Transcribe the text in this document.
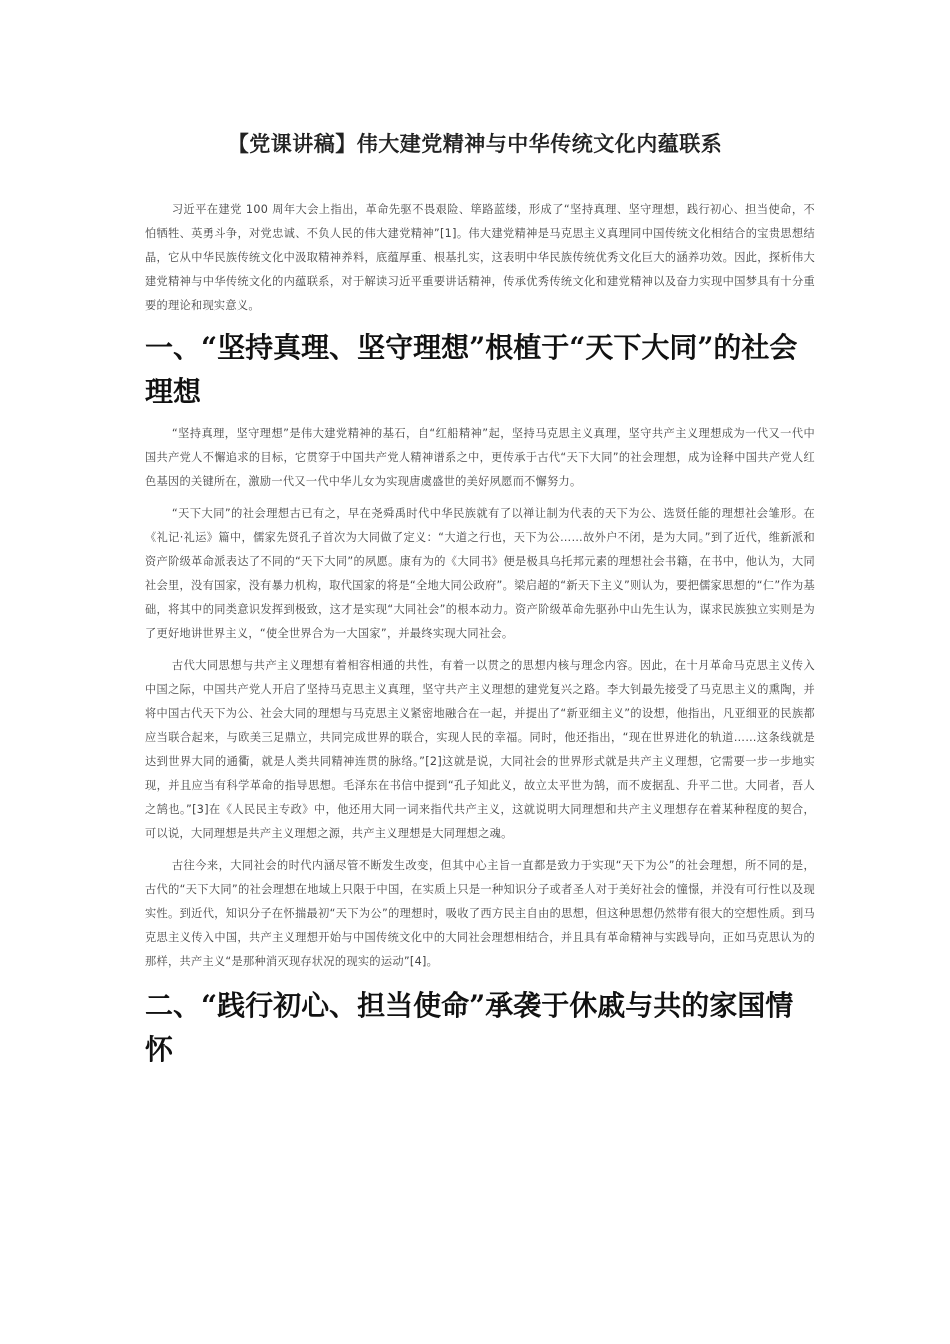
【党课讲稿】伟大建党精神与中华传统文化内蕴联系

习近平在建党 100 周年大会上指出，革命先驱不畏艰险、筚路蓝缕，形成了“坚持真理、坚守理想，践行初心、担当使命，不怕牺牲、英勇斗争，对党忠诚、不负人民的伟大建党精神”[1]。伟大建党精神是马克思主义真理同中国传统文化相结合的宝贵思想结晶，它从中华民族传统文化中汲取精神养料，底蕴厚重、根基扎实，这表明中华民族传统优秀文化巨大的涵养功效。因此，探析伟大建党精神与中华传统文化的内蕴联系，对于解读习近平重要讲话精神，传承优秀传统文化和建党精神以及奋力实现中国梦具有十分重要的理论和现实意义。

一、“坚持真理、坚守理想”根植于“天下大同”的社会理想

“坚持真理，坚守理想”是伟大建党精神的基石，自“红船精神”起，坚持马克思主义真理，坚守共产主义理想成为一代又一代中国共产党人不懈追求的目标，它贯穿于中国共产党人精神谱系之中，更传承于古代“天下大同”的社会理想，成为诠释中国共产党人红色基因的关键所在，激励一代又一代中华儿女为实现唐虞盛世的美好夙愿而不懈努力。

“天下大同”的社会理想古已有之，早在尧舜禹时代中华民族就有了以禅让制为代表的天下为公、选贤任能的理想社会雏形。在《礼记·礼运》篇中，儒家先贤孔子首次为大同做了定义：“大道之行也，天下为公……故外户不闭，是为大同。”到了近代，维新派和资产阶级革命派表达了不同的“天下大同”的夙愿。康有为的《大同书》便是极具乌托邦元素的理想社会书籍，在书中，他认为，大同社会里，没有国家，没有暴力机构，取代国家的将是“全地大同公政府”。梁启超的“新天下主义”则认为，要把儒家思想的“仁”作为基础，将其中的同类意识发挥到极致，这才是实现“大同社会”的根本动力。资产阶级革命先驱孙中山先生认为，谋求民族独立实则是为了更好地讲世界主义，“使全世界合为一大国家”，并最终实现大同社会。

古代大同思想与共产主义理想有着相容相通的共性，有着一以贯之的思想内核与理念内容。因此，在十月革命马克思主义传入中国之际，中国共产党人开启了坚持马克思主义真理，坚守共产主义理想的建党复兴之路。李大钊最先接受了马克思主义的熏陶，并将中国古代天下为公、社会大同的理想与马克思主义紧密地融合在一起，并提出了“新亚细主义”的设想，他指出，凡亚细亚的民族都应当联合起来，与欧美三足鼎立，共同完成世界的联合，实现人民的幸福。同时，他还指出，“现在世界进化的轨道……这条线就是达到世界大同的通衢，就是人类共同精神连贯的脉络。”[2]这就是说，大同社会的世界形式就是共产主义理想，它需要一步一步地实现，并且应当有科学革命的指导思想。毛泽东在书信中提到“孔子知此义，故立太平世为鹄，而不废据乱、升平二世。大同者，吾人之鹄也。”[3]在《人民民主专政》中，他还用大同一词来指代共产主义，这就说明大同理想和共产主义理想存在着某种程度的契合，可以说，大同理想是共产主义理想之源，共产主义理想是大同理想之魂。

古往今来，大同社会的时代内涵尽管不断发生改变，但其中心主旨一直都是致力于实现“天下为公”的社会理想，所不同的是，古代的“天下大同”的社会理想在地域上只限于中国，在实质上只是一种知识分子或者圣人对于美好社会的憧憬，并没有可行性以及现实性。到近代，知识分子在怀揣最初“天下为公”的理想时，吸收了西方民主自由的思想，但这种思想仍然带有很大的空想性质。到马克思主义传入中国，共产主义理想开始与中国传统文化中的大同社会理想相结合，并且具有革命精神与实践导向，正如马克思认为的那样，共产主义“是那种消灭现存状况的现实的运动”[4]。

二、“践行初心、担当使命”承袭于休戚与共的家国情怀
